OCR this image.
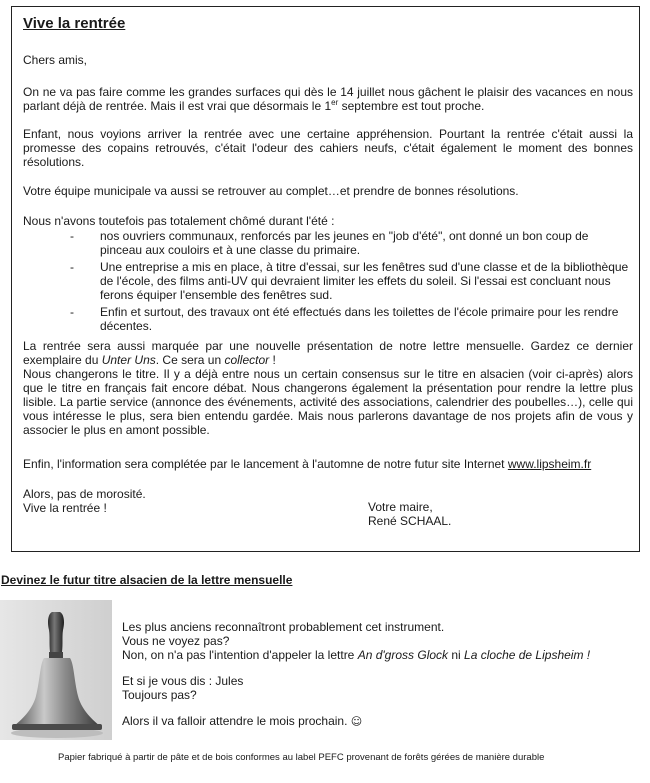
Vive la rentrée

Chers amis,

On ne va pas faire comme les grandes surfaces qui dès le 14 juillet nous gâchent le plaisir des vacances en nous parlant déjà de rentrée. Mais il est vrai que désormais le 1er septembre est tout proche.

Enfant, nous voyions arriver la rentrée avec une certaine appréhension. Pourtant la rentrée c'était aussi la promesse des copains retrouvés, c'était l'odeur des cahiers neufs, c'était également le moment des bonnes résolutions.

Votre équipe municipale va aussi se retrouver au complet…et prendre de bonnes résolutions.

Nous n'avons toutefois pas totalement chômé durant l'été :

- nos ouvriers communaux, renforcés par les jeunes en "job d'été", ont donné un bon coup de pinceau aux couloirs et à une classe du primaire.
- Une entreprise a mis en place, à titre d'essai, sur les fenêtres sud d'une classe et de la bibliothèque de l'école, des films anti-UV qui devraient limiter les effets du soleil. Si l'essai est concluant nous ferons équiper l'ensemble des fenêtres sud.
- Enfin et surtout, des travaux ont été effectués dans les toilettes de l'école primaire pour les rendre décentes.

La rentrée sera aussi marquée par une nouvelle présentation de notre lettre mensuelle. Gardez ce dernier exemplaire du Unter Uns. Ce sera un collector !

Nous changerons le titre. Il y a déjà entre nous un certain consensus sur le titre en alsacien (voir ci-après) alors que le titre en français fait encore débat. Nous changerons également la présentation pour rendre la lettre plus lisible. La partie service (annonce des événements, activité des associations, calendrier des poubelles…), celle qui vous intéresse le plus, sera bien entendu gardée. Mais nous parlerons davantage de nos projets afin de vous y associer le plus en amont possible.

Enfin, l'information sera complétée par le lancement à l'automne de notre futur site Internet www.lipsheim.fr

Alors, pas de morosité.
Vive la rentrée !	Votre maire,
René SCHAAL.
Devinez le futur titre alsacien de la lettre mensuelle

Les plus anciens reconnaîtront probablement cet instrument.

Vous ne voyez pas?

Non, on n'a pas l'intention d'appeler la lettre An d'gross Glock ni La cloche de Lipsheim !

Et si je vous dis : Jules

Toujours pas?

Alors il va falloir attendre le mois prochain. ☺

Papier fabriqué à partir de pâte et de bois conformes au label PEFC provenant de forêts gérées de manière durable
